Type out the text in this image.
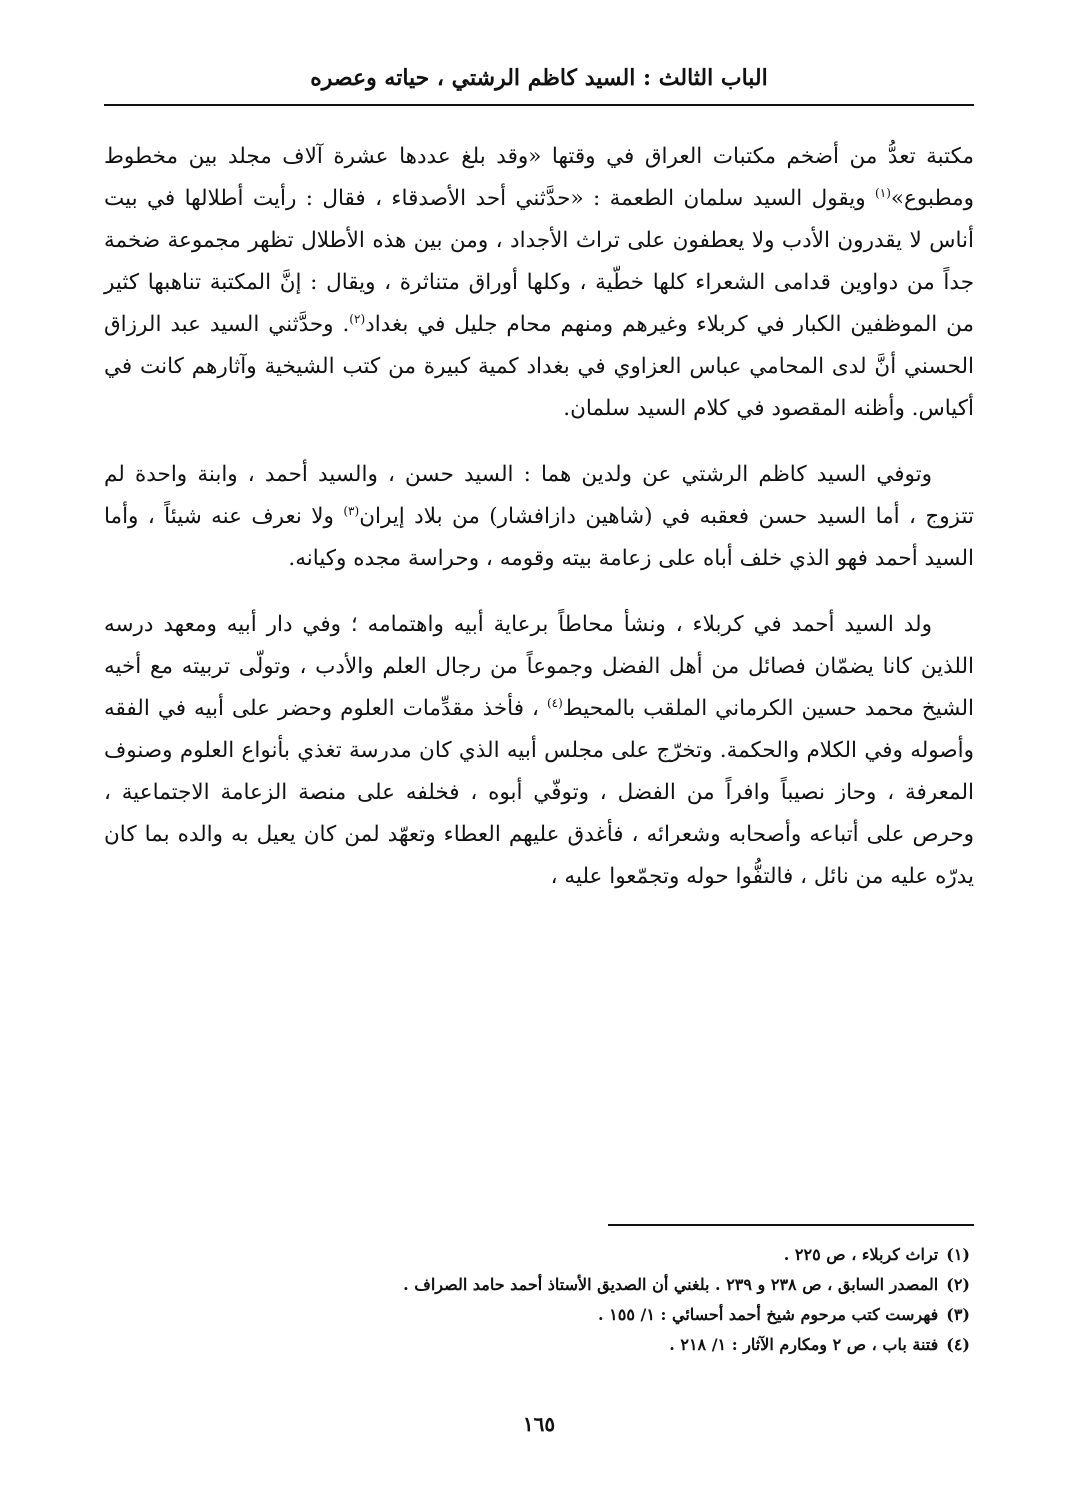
الباب الثالث : السيد كاظم الرشتي ، حياته وعصره

مكتبة تعدُّ من أضخم مكتبات العراق في وقتها «وقد بلغ عددها عشرة آلاف مجلد بين مخطوط ومطبوع»$^{(١)}$ ويقول السيد سلمان الطعمة : «حدَّثني أحد الأصدقاء ، فقال : رأيت أطلالها في بيت أناس لا يقدرون الأدب ولا يعطفون على تراث الأجداد ، ومن بين هذه الأطلال تظهر مجموعة ضخمة جداً من دواوين قدامى الشعراء كلها خطّية ، وكلها أوراق متناثرة ، ويقال : إنَّ المكتبة تناهبها كثير من الموظفين الكبار في كربلاء وغيرهم ومنهم محام جليل في بغداد$^{(٢)}$. وحدَّثني السيد عبد الرزاق الحسني أنَّ لدى المحامي عباس العزاوي في بغداد كمية كبيرة من كتب الشيخية وآثارهم كانت في أكياس. وأظنه المقصود في كلام السيد سلمان.

وتوفي السيد كاظم الرشتي عن ولدين هما : السيد حسن ، والسيد أحمد ، وابنة واحدة لم تتزوج ، أما السيد حسن فعقبه في (شاهين دازافشار) من بلاد إيران$^{(٣)}$ ولا نعرف عنه شيئاً ، وأما السيد أحمد فهو الذي خلف أباه على زعامة بيته وقومه ، وحراسة مجده وكيانه.

ولد السيد أحمد في كربلاء ، ونشأ محاطاً برعاية أبيه واهتمامه ؛ وفي دار أبيه ومعهد درسه اللذين كانا يضمّان فصائل من أهل الفضل وجموعاً من رجال العلم والأدب ، وتولّى تربيته مع أخيه الشيخ محمد حسين الكرماني الملقب بالمحيط$^{(٤)}$ ، فأخذ مقدِّمات العلوم وحضر على أبيه في الفقه وأصوله وفي الكلام والحكمة. وتخرّج على مجلس أبيه الذي كان مدرسة تغذي بأنواع العلوم وصنوف المعرفة ، وحاز نصيباً وافراً من الفضل ، وتوفّي أبوه ، فخلفه على منصة الزعامة الاجتماعية ، وحرص على أتباعه وأصحابه وشعرائه ، فأغدق عليهم العطاء وتعهّد لمن كان يعيل به والده بما كان يدرّه عليه من نائل ، فالتفُّوا حوله وتجمّعوا عليه ،

(١)تراث كربلاء ، ص ٢٢٥ .
(٢)المصدر السابق ، ص ٢٣٨ و ٢٣٩ . بلغني أن الصديق الأستاذ أحمد حامد الصراف .
(٣)فهرست كتب مرحوم شيخ أحمد أحسائي : ١/ ١٥٥ .
(٤)فتنة باب ، ص ٢ ومكارم الآثار : ١/ ٢١٨ .
١٦٥
